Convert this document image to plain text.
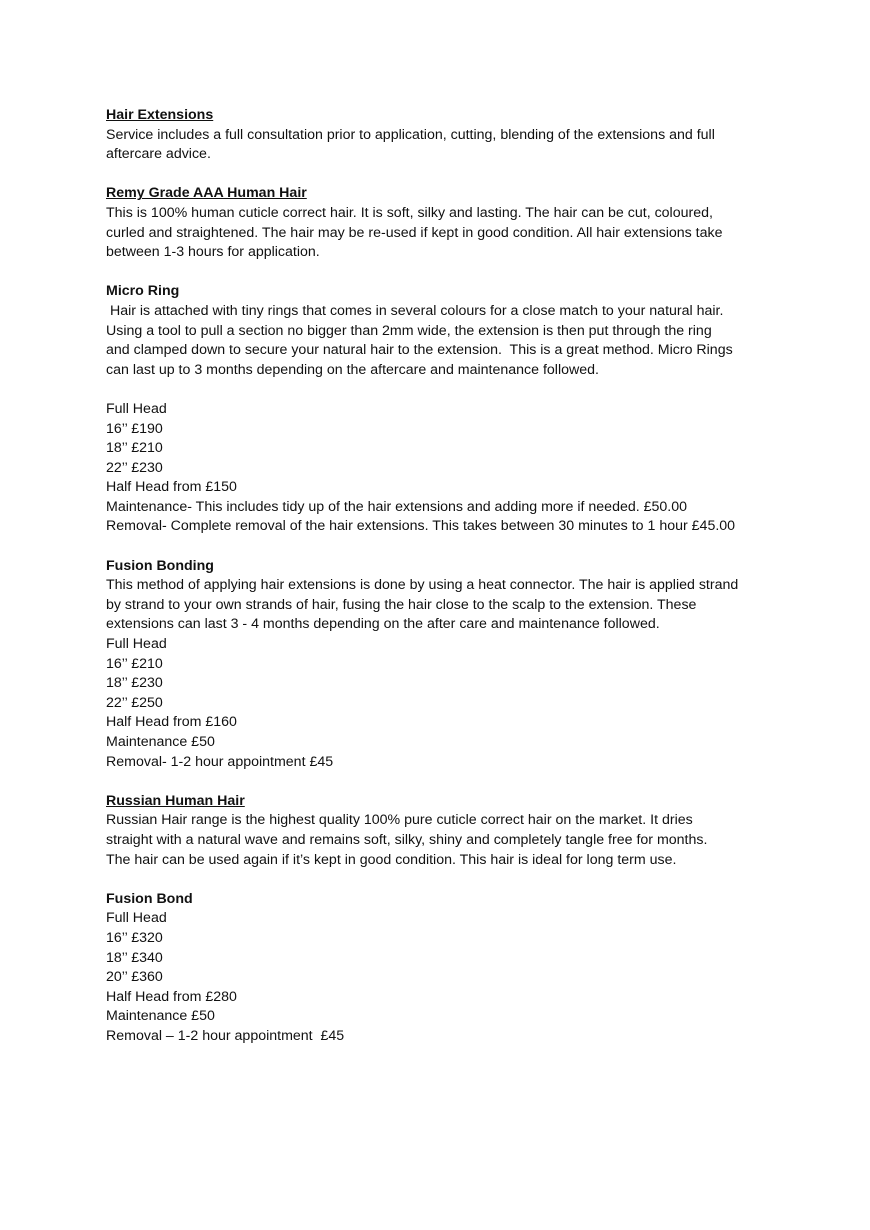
Hair Extensions
Service includes a full consultation prior to application, cutting, blending of the extensions and full
aftercare advice.
Remy Grade AAA Human Hair
This is 100% human cuticle correct hair. It is soft, silky and lasting. The hair can be cut, coloured,
curled and straightened. The hair may be re-used if kept in good condition. All hair extensions take
between 1-3 hours for application.
Micro Ring
Hair is attached with tiny rings that comes in several colours for a close match to your natural hair.
Using a tool to pull a section no bigger than 2mm wide, the extension is then put through the ring
and clamped down to secure your natural hair to the extension.  This is a great method. Micro Rings
can last up to 3 months depending on the aftercare and maintenance followed.
Full Head
16’’ £190
18’’ £210
22’’ £230
Half Head from £150
Maintenance- This includes tidy up of the hair extensions and adding more if needed. £50.00
Removal- Complete removal of the hair extensions. This takes between 30 minutes to 1 hour £45.00
Fusion Bonding
This method of applying hair extensions is done by using a heat connector. The hair is applied strand
by strand to your own strands of hair, fusing the hair close to the scalp to the extension. These
extensions can last 3 - 4 months depending on the after care and maintenance followed.
Full Head
16’’ £210
18’’ £230
22’’ £250
Half Head from £160
Maintenance £50
Removal- 1-2 hour appointment £45
Russian Human Hair
Russian Hair range is the highest quality 100% pure cuticle correct hair on the market. It dries
straight with a natural wave and remains soft, silky, shiny and completely tangle free for months.
The hair can be used again if it’s kept in good condition. This hair is ideal for long term use.
Fusion Bond
Full Head
16’’ £320
18’’ £340
20’’ £360
Half Head from £280
Maintenance £50
Removal – 1-2 hour appointment  £45
